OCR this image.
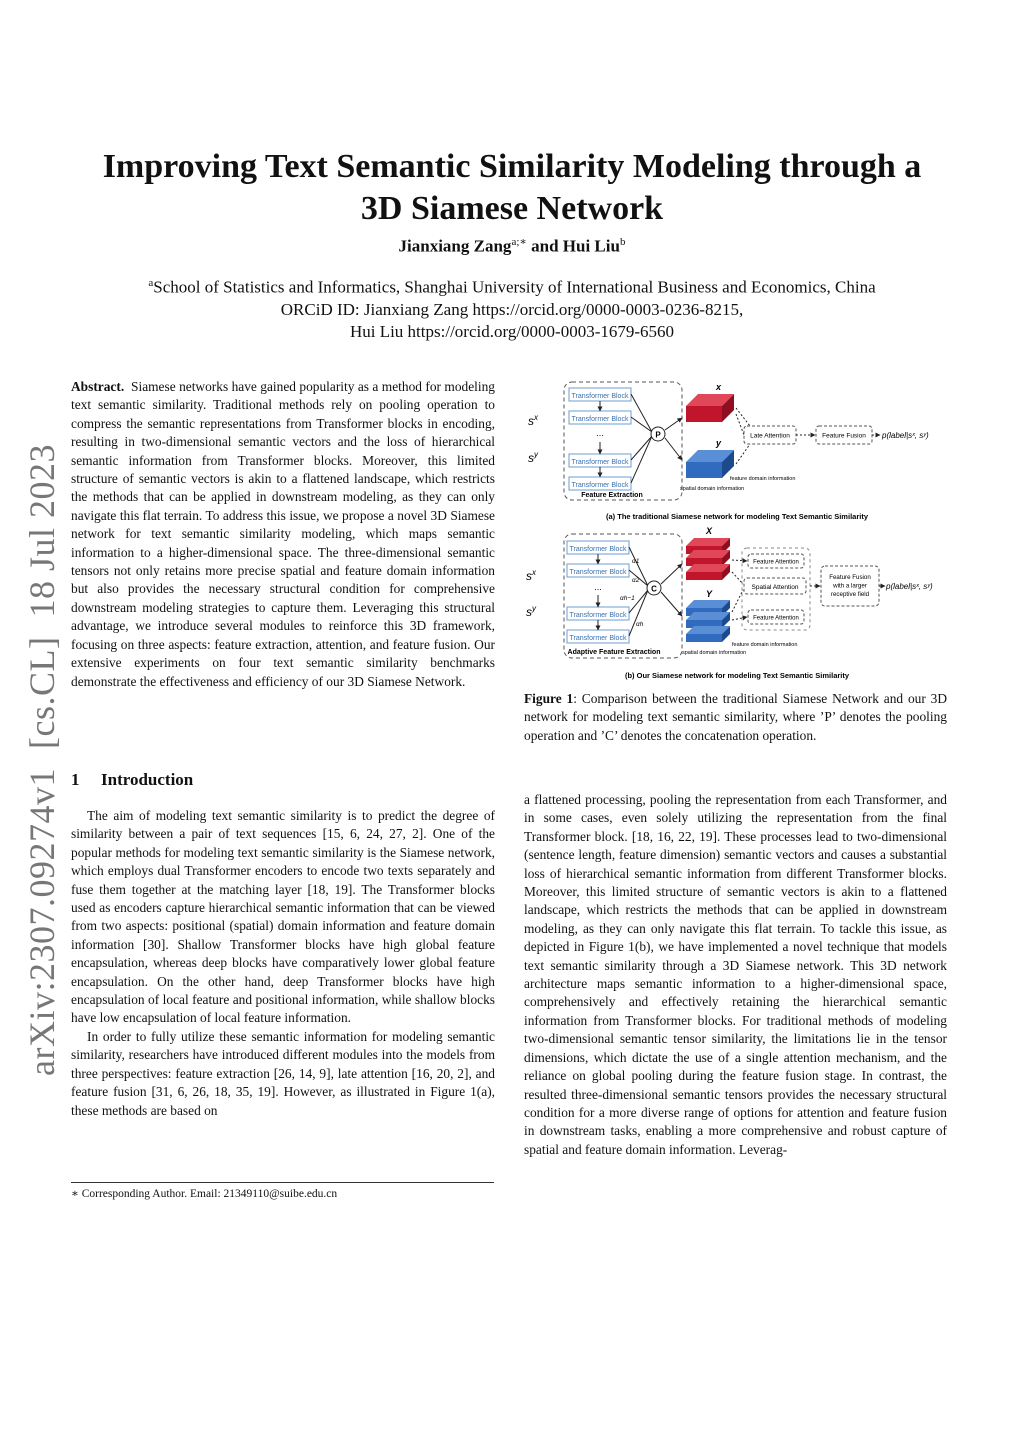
Improving Text Semantic Similarity Modeling through a
3D Siamese Network
Jianxiang Zang$^{a;∗}$ and Hui Liu$^b$
$^a$School of Statistics and Informatics, Shanghai University of International Business and Economics, China
ORCiD ID: Jianxiang Zang https://orcid.org/0000-0003-0236-8215,
Hui Liu https://orcid.org/0000-0003-1679-6560
arXiv:2307.09274v1  [cs.CL]  18 Jul 2023
Abstract. Siamese networks have gained popularity as a method for modeling text semantic similarity. Traditional methods rely on pooling operation to compress the semantic representations from Transformer blocks in encoding, resulting in two-dimensional semantic vectors and the loss of hierarchical semantic information from Transformer blocks. Moreover, this limited structure of semantic vectors is akin to a flattened landscape, which restricts the methods that can be applied in downstream modeling, as they can only navigate this flat terrain. To address this issue, we propose a novel 3D Siamese network for text semantic similarity modeling, which maps semantic information to a higher-dimensional space. The three-dimensional semantic tensors not only retains more precise spatial and feature domain information but also provides the necessary structural condition for comprehensive downstream modeling strategies to capture them. Leveraging this structural advantage, we introduce several modules to reinforce this 3D framework, focusing on three aspects: feature extraction, attention, and feature fusion. Our extensive experiments on four text semantic similarity benchmarks demonstrate the effectiveness and efficiency of our 3D Siamese Network.
1 Introduction

The aim of modeling text semantic similarity is to predict the degree of similarity between a pair of text sequences [15, 6, 24, 27, 2]. One of the popular methods for modeling text semantic similarity is the Siamese network, which employs dual Transformer encoders to encode two texts separately and fuse them together at the matching layer [18, 19]. The Transformer blocks used as encoders capture hierarchical semantic information that can be viewed from two aspects: positional (spatial) domain information and feature domain information [30]. Shallow Transformer blocks have high global feature encapsulation, whereas deep blocks have comparatively lower global feature encapsulation. On the other hand, deep Transformer blocks have high encapsulation of local feature and positional information, while shallow blocks have low encapsulation of local feature information.

In order to fully utilize these semantic information for modeling semantic similarity, researchers have introduced different modules into the models from three perspectives: feature extraction [26, 14, 9], late attention [16, 20, 2], and feature fusion [31, 6, 26, 18, 35, 19]. However, as illustrated in Figure 1(a), these methods are based on

∗ Corresponding Author. Email: 21349110@suibe.edu.cn
Transformer Block
Transformer Block
...
Transformer Block
Transformer Block
Feature Extraction
P
$s^x$
$s^y$
x
y
spatial domain information
feature domain information
Late Attention	Feature Fusion p(label|sˣ, sʸ)
(a) The traditional Siamese network for modeling Text Semantic Similarity
Transformer Block
Transformer Block
...
Transformer Block
Transformer Block
Adaptive Feature Extraction
α1
α2
αh−1
αh
C
$s^x$
$s^y$
X
Y
spatial domain information
feature domain information
Feature Attention
Spatial Attention
Feature Attention
Feature Fusion
with a larger
receptive field
p(label|sˣ, sʸ)
(b) Our Siamese network for modeling Text Semantic Similarity
Figure 1: Comparison between the traditional Siamese Network and our 3D network for modeling text semantic similarity, where ’P’ denotes the pooling operation and ’C’ denotes the concatenation operation.

a flattened processing, pooling the representation from each Transformer, and in some cases, even solely utilizing the representation from the final Transformer block. [18, 16, 22, 19]. These processes lead to two-dimensional (sentence length, feature dimension) semantic vectors and causes a substantial loss of hierarchical semantic information from different Transformer blocks. Moreover, this limited structure of semantic vectors is akin to a flattened landscape, which restricts the methods that can be applied in downstream modeling, as they can only navigate this flat terrain. To tackle this issue, as depicted in Figure 1(b), we have implemented a novel technique that models text semantic similarity through a 3D Siamese network. This 3D network architecture maps semantic information to a higher-dimensional space, comprehensively and effectively retaining the hierarchical semantic information from Transformer blocks. For traditional methods of modeling two-dimensional semantic tensor similarity, the limitations lie in the tensor dimensions, which dictate the use of a single attention mechanism, and the reliance on global pooling during the feature fusion stage. In contrast, the resulted three-dimensional semantic tensors provides the necessary structural condition for a more diverse range of options for attention and feature fusion in downstream tasks, enabling a more comprehensive and robust capture of spatial and feature domain information. Leverag-
